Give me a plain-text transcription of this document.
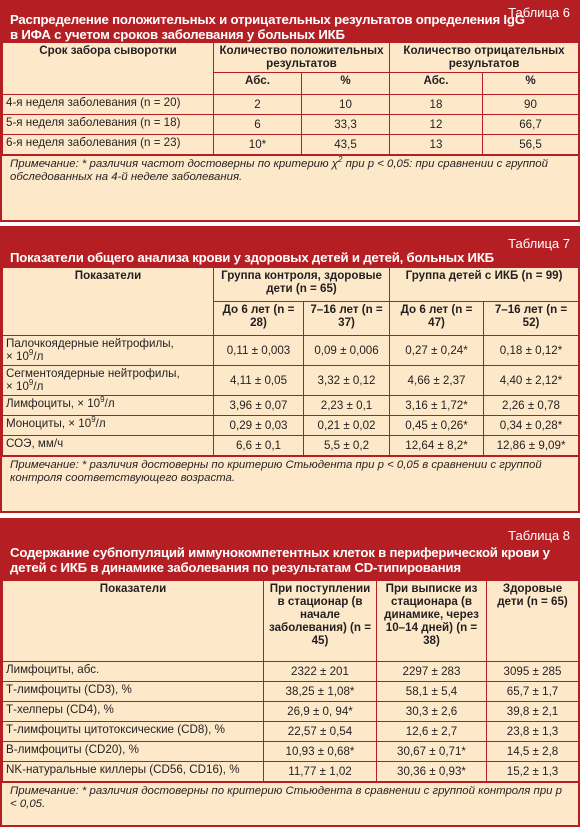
Таблица 6
Распределение положительных и отрицательных результатов определения IgG
в ИФА с учетом сроков заболевания у больных ИКБ
Срок забора сыворотки	Количество положительных результатов		Количество отрицательных результатов	
	Абс.	%	Абс.	%
4-я неделя заболевания (n = 20)	2	10	18	90
5-я неделя заболевания (n = 18)	6	33,3	12	66,7
6-я неделя заболевания (n = 23)	10*	43,5	13	56,5
Примечание: * различия частот достоверны по критерию $\chi^2$ при p < 0,05: при сравнении с группой обследованных на 4-й неделе заболевания.
Таблица 7
Показатели общего анализа крови у здоровых детей и детей, больных ИКБ
Показатели	Группа контроля, здоровые дети (n = 65)		Группа детей с ИКБ (n = 99)	
	До 6 лет (n = 28)	7–16 лет (n = 37)	До 6 лет (n = 47)	7–16 лет (n = 52)
Палочкоядерные нейтрофилы,
× $10^9/л$	0,11 ± 0,003	0,09 ± 0,006	0,27 ± 0,24*	0,18 ± 0,12*
Сегментоядерные нейтрофилы,
× $10^9/л$	4,11 ± 0,05	3,32 ± 0,12	4,66 ± 2,37	4,40 ± 2,12*
Лимфоциты, × $10^9/л$	3,96 ± 0,07	2,23 ± 0,1	3,16 ± 1,72*	2,26 ± 0,78
Моноциты, × $10^9/л$	0,29 ± 0,03	0,21 ± 0,02	0,45 ± 0,26*	0,34 ± 0,28*
СОЭ, мм/ч	6,6 ± 0,1	5,5 ± 0,2	12,64 ± 8,2*	12,86 ± 9,09*
Примечание: * различия достоверны по критерию Стьюдента при p < 0,05 в сравнении с группой контроля соответствующего возраста.
Таблица 8
Содержание субпопуляций иммунокомпетентных клеток в периферической крови у
детей с ИКБ в динамике заболевания по результатам CD-типирования
Показатели	При поступлении в стационар (в начале заболевания) (n = 45)	При выписке из стационара (в динамике, через 10–14 дней) (n = 38)	Здоровые дети (n = 65)
Лимфоциты, абс.	2322 ± 201	2297 ± 283	3095 ± 285
Т-лимфоциты (CD3), %	38,25 ± 1,08*	58,1 ± 5,4	65,7 ± 1,7
Т-хелперы (CD4), %	26,9 ± 0, 94*	30,3 ± 2,6	39,8 ± 2,1
Т-лимфоциты цитотоксические (CD8), %	22,57 ± 0,54	12,6 ± 2,7	23,8 ± 1,3
В-лимфоциты (CD20), %	10,93 ± 0,68*	30,67 ± 0,71*	14,5 ± 2,8
NK-натуральные киллеры (CD56, CD16), %	11,77 ± 1,02	30,36 ± 0,93*	15,2 ± 1,3
Примечание: * различия достоверны по критерию Стьюдента в сравнении с группой контроля при p < 0,05.
